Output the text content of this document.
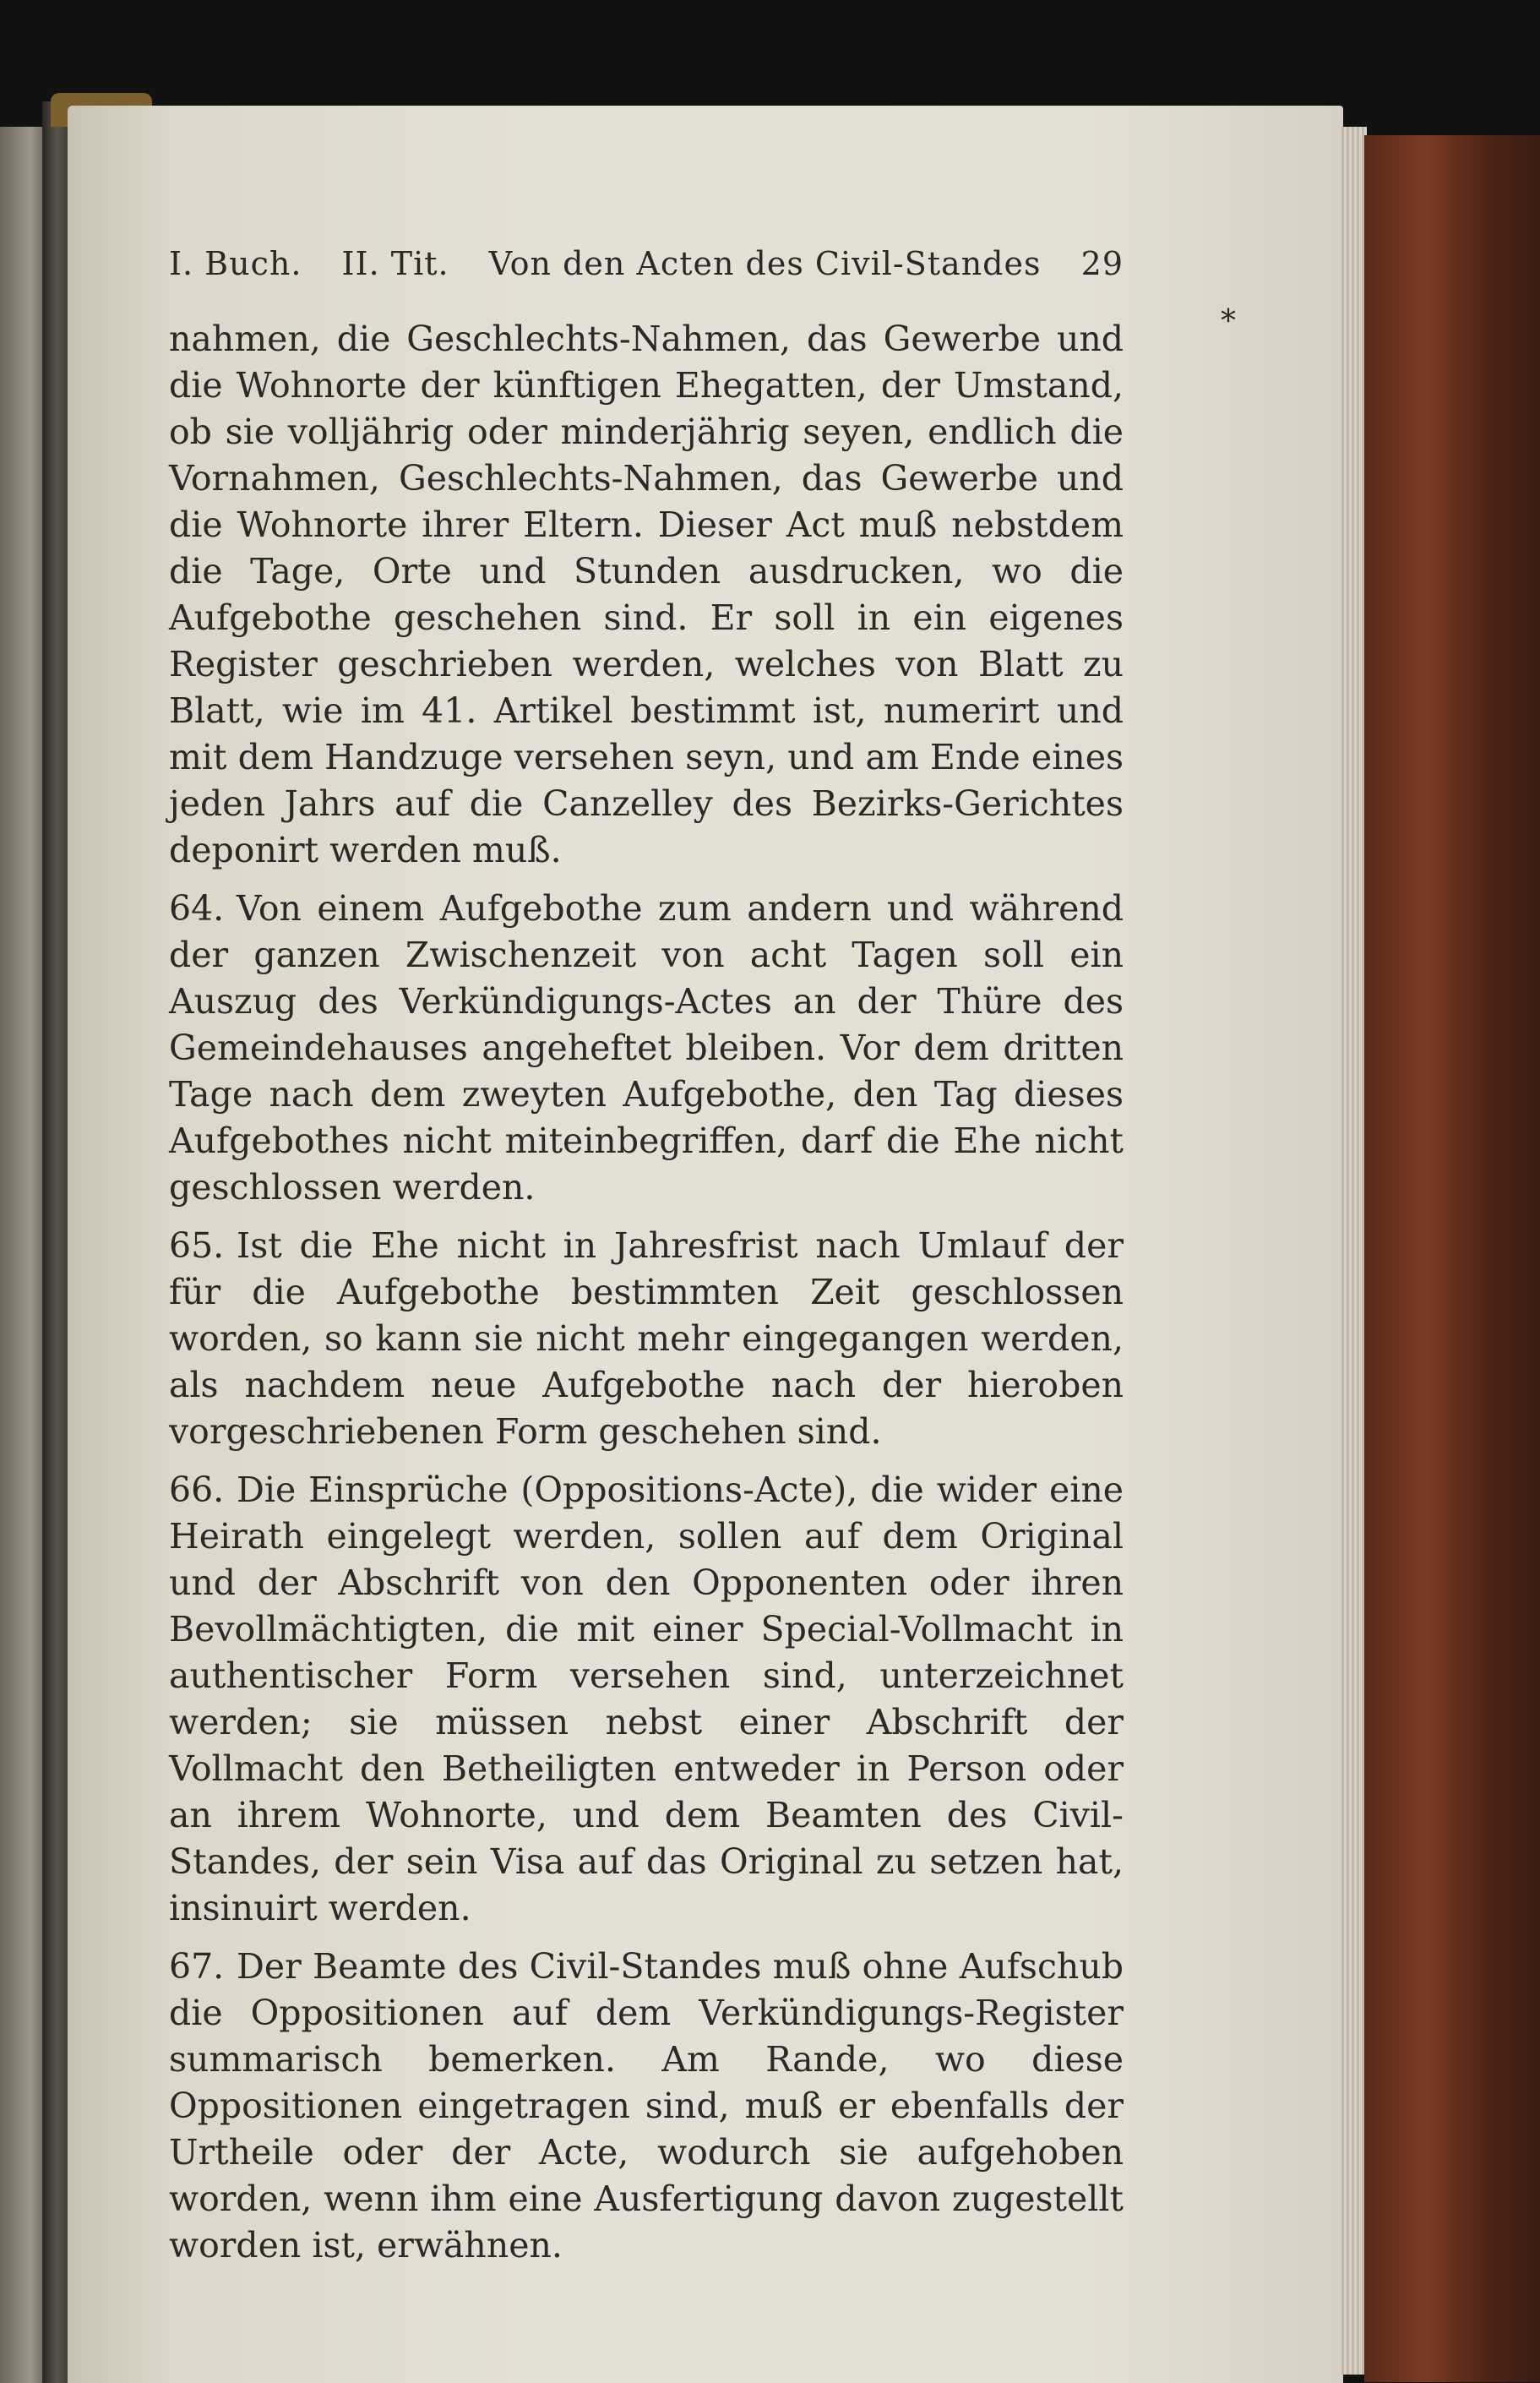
*
I. Buch. II. Tit. Von den Acten des Civil-Standes 29

nahmen, die Geschlechts-Nahmen, das Gewerbe und die Wohnorte der künftigen Ehegatten, der Umstand, ob sie volljährig oder minderjährig seyen, endlich die Vornahmen, Geschlechts-Nahmen, das Gewerbe und die Wohnorte ihrer Eltern. Dieser Act muß nebstdem die Tage, Orte und Stunden ausdrucken, wo die Aufgebothe geschehen sind. Er soll in ein eigenes Register geschrieben werden, welches von Blatt zu Blatt, wie im 41. Artikel bestimmt ist, numerirt und mit dem Handzuge versehen seyn, und am Ende eines jeden Jahrs auf die Canzelley des Bezirks-Gerichtes deponirt werden muß.

64. Von einem Aufgebothe zum andern und während der ganzen Zwischenzeit von acht Tagen soll ein Auszug des Verkündigungs-Actes an der Thüre des Gemeindehauses angeheftet bleiben. Vor dem dritten Tage nach dem zweyten Aufgebothe, den Tag dieses Aufgebothes nicht miteinbegriffen, darf die Ehe nicht geschlossen werden.

65. Ist die Ehe nicht in Jahresfrist nach Umlauf der für die Aufgebothe bestimmten Zeit geschlossen worden, so kann sie nicht mehr eingegangen werden, als nachdem neue Aufgebothe nach der hieroben vorgeschriebenen Form geschehen sind.

66. Die Einsprüche (Oppositions-Acte), die wider eine Heirath eingelegt werden, sollen auf dem Original und der Abschrift von den Opponenten oder ihren Bevollmächtigten, die mit einer Special-Vollmacht in authentischer Form versehen sind, unterzeichnet werden; sie müssen nebst einer Abschrift der Vollmacht den Betheiligten entweder in Person oder an ihrem Wohnorte, und dem Beamten des Civil-Standes, der sein Visa auf das Original zu setzen hat, insinuirt werden.

67. Der Beamte des Civil-Standes muß ohne Aufschub die Oppositionen auf dem Verkündigungs-Register summarisch bemerken. Am Rande, wo diese Oppositionen eingetragen sind, muß er ebenfalls der Urtheile oder der Acte, wodurch sie aufgehoben worden, wenn ihm eine Ausfertigung davon zugestellt worden ist, erwähnen.
